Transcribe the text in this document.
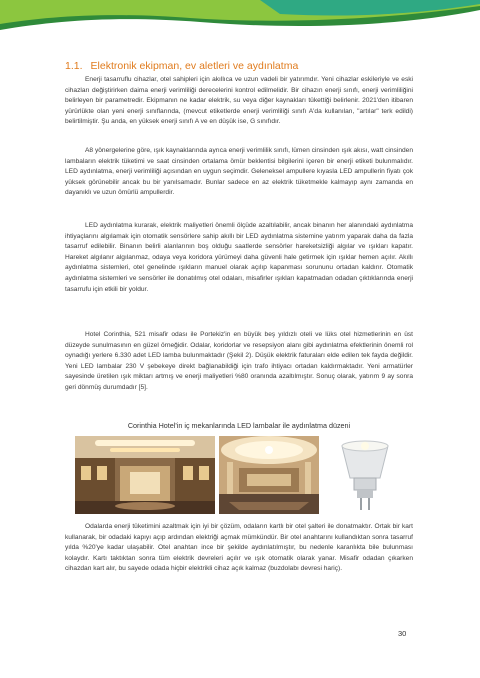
1.1. Elektronik ekipman, ev aletleri ve aydınlatma

Enerji tasarruflu cihazlar, otel sahipleri için akıllıca ve uzun vadeli bir yatırımdır. Yeni cihazlar eskileriyle ve eski cihazları değiştirirken daima enerji verimliliği derecelerini kontrol edilmelidir. Bir cihazın enerji sınıfı, enerji verimliliğini belirleyen bir parametredir. Ekipmanın ne kadar elektrik, su veya diğer kaynakları tükettiği belirlenir. 2021'den itibaren yürürlükte olan yeni enerji sınıflarında, (mevcut etiketlerde enerji verimliliği sınıfı A'da kullanılan, "artılar" terk edildi) belirtilmiştir. Şu anda, en yüksek enerji sınıfı A ve en düşük ise, G sınıfıdır.

A8 yönergelerine göre, ışık kaynaklarında ayrıca enerji verimlilik sınıfı, lümen cinsinden ışık akısı, watt cinsinden lambaların elektrik tüketimi ve saat cinsinden ortalama ömür beklentisi bilgilerini içeren bir enerji etiketi bulunmalıdır. LED aydınlatma, enerji verimliliği açısından en uygun seçimdir. Geleneksel ampullere kıyasla LED ampullerin fiyatı çok yüksek görünebilir ancak bu bir yanılsamadır. Bunlar sadece en az elektrik tüketmekle kalmayıp aynı zamanda en dayanıklı ve uzun ömürlü ampullerdir.

LED aydınlatma kurarak, elektrik maliyetleri önemli ölçüde azaltılabilir, ancak binanın her alanındaki aydınlatma ihtiyaçlarını algılamak için otomatik sensörlere sahip akıllı bir LED aydınlatma sistemine yatırım yaparak daha da fazla tasarruf edilebilir. Binanın belirli alanlarının boş olduğu saatlerde sensörler hareketsizliği algılar ve ışıkları kapatır. Hareket algılanır algılanmaz, odaya veya koridora yürümeyi daha güvenli hale getirmek için ışıklar hemen açılır. Akıllı aydınlatma sistemleri, otel genelinde ışıkların manuel olarak açılıp kapanması sorununu ortadan kaldırır. Otomatik aydınlatma sistemleri ve sensörler ile donatılmış otel odaları, misafirler ışıkları kapatmadan odadan çıktıklarında enerji tasarrufu için etkili bir yoldur.

Hotel Corinthia, 521 misafir odası ile Portekiz'in en büyük beş yıldızlı oteli ve lüks otel hizmetlerinin en üst düzeyde sunulmasının en güzel örneğidir. Odalar, koridorlar ve resepsiyon alanı gibi aydınlatma efektlerinin önemli rol oynadığı yerlere 6.330 adet LED lamba bulunmaktadır (Şekil 2). Düşük elektrik faturaları elde edilen tek fayda değildir. Yeni LED lambalar 230 V şebekeye direkt bağlanabildiği için trafo ihtiyacı ortadan kaldırmaktadır. Yeni armatürler sayesinde üretilen ışık miktarı artmış ve enerji maliyetleri %80 oranında azaltılmıştır. Sonuç olarak, yatırım 9 ay sonra geri dönmüş durumdadır [5].

Corinthia Hotel'in iç mekanlarında LED lambalar ile aydınlatma düzeni

Odalarda enerji tüketimini azaltmak için iyi bir çözüm, odaların kartlı bir otel şalteri ile donatmaktır. Ortak bir kart kullanarak, bir odadaki kapıyı açıp ardından elektriği açmak mümkündür. Bir otel anahtarını kullandıktan sonra tasarruf yılda %20'ye kadar ulaşabilir. Otel anahtarı ince bir şekilde aydınlatılmıştır, bu nedenle karanlıkta bile bulunması kolaydır. Kartı taktıktan sonra tüm elektrik devreleri açılır ve ışık otomatik olarak yanar. Misafir odadan çıkarken cihazdan kart alır, bu sayede odada hiçbir elektrikli cihaz açık kalmaz (buzdolabı devresi hariç).

30
